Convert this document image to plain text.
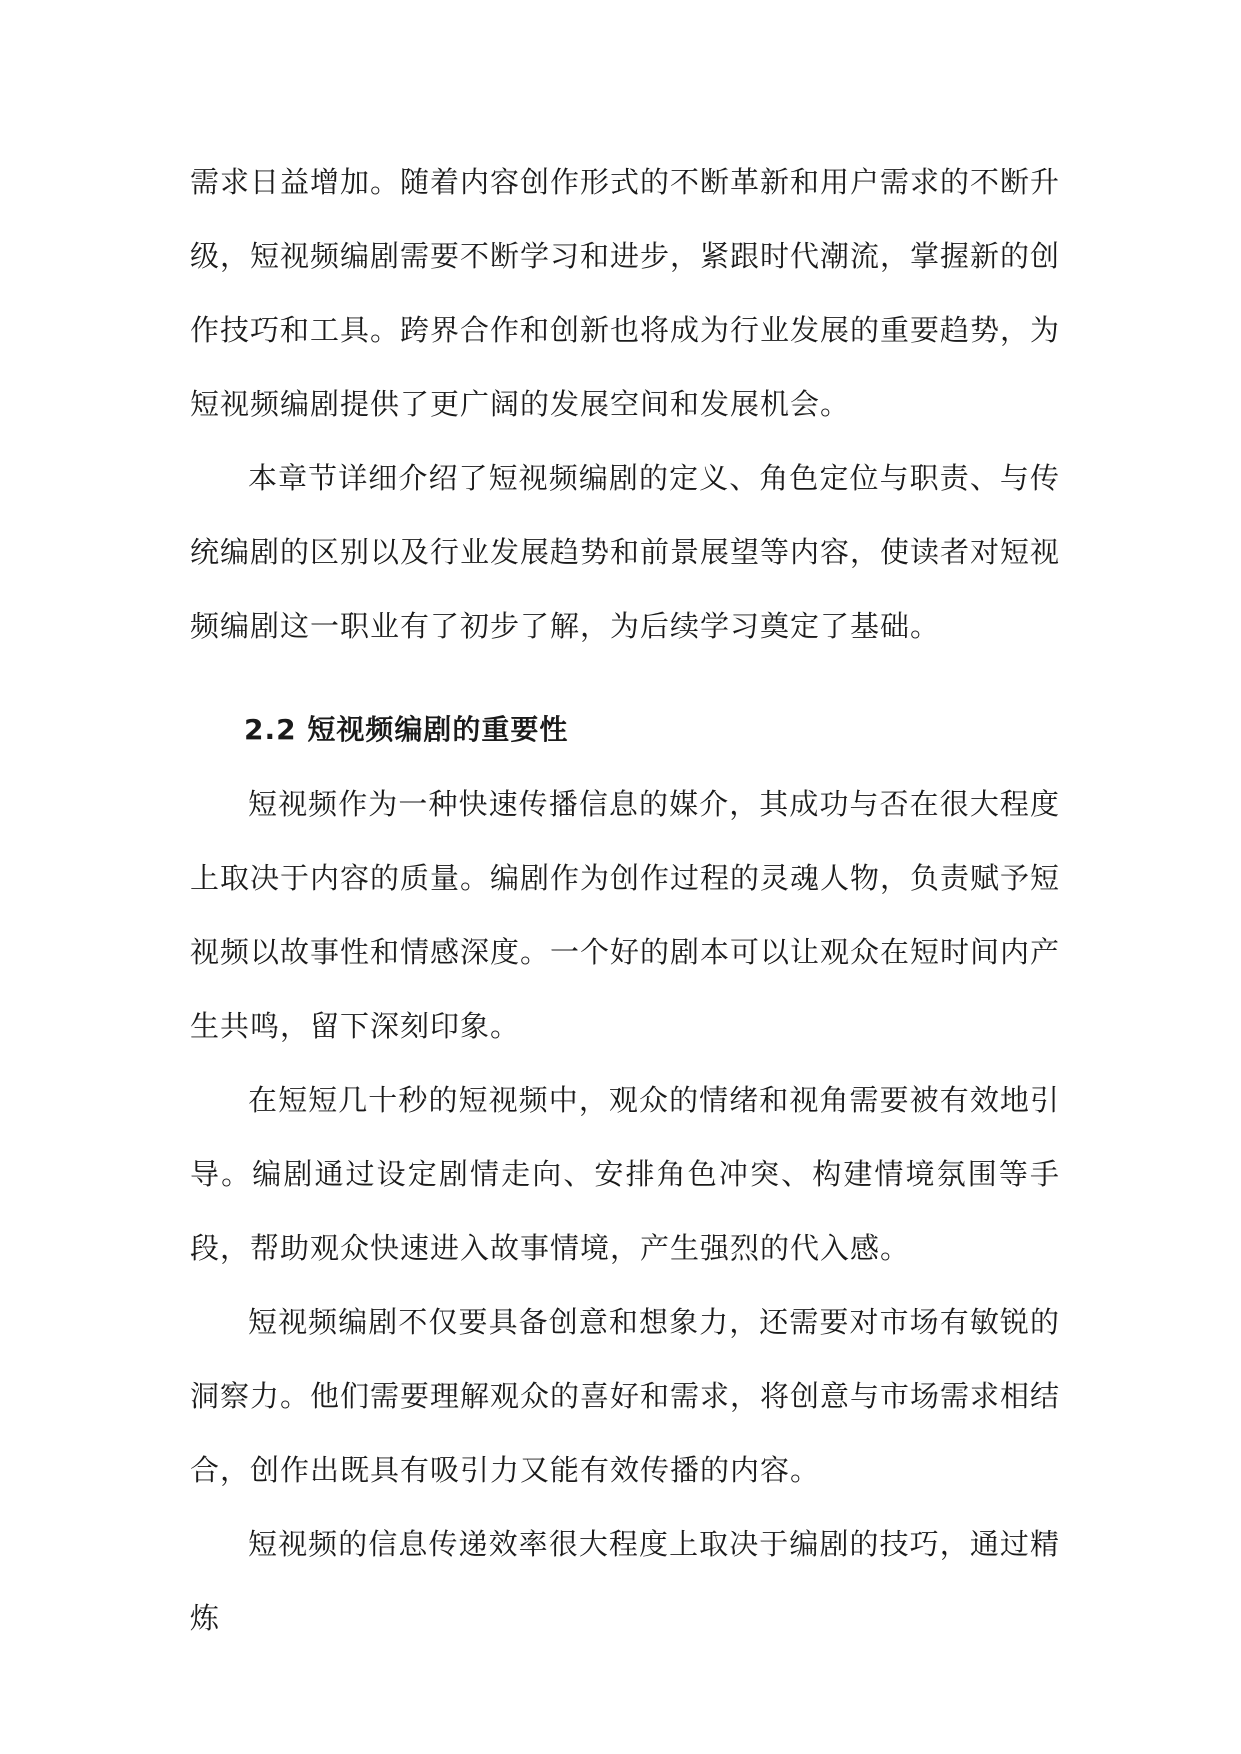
需求日益增加。随着内容创作形式的不断革新和用户需求的不断升级，短视频编剧需要不断学习和进步，紧跟时代潮流，掌握新的创作技巧和工具。跨界合作和创新也将成为行业发展的重要趋势，为短视频编剧提供了更广阔的发展空间和发展机会。

本章节详细介绍了短视频编剧的定义、角色定位与职责、与传统编剧的区别以及行业发展趋势和前景展望等内容，使读者对短视频编剧这一职业有了初步了解，为后续学习奠定了基础。

2.2 短视频编剧的重要性

短视频作为一种快速传播信息的媒介，其成功与否在很大程度上取决于内容的质量。编剧作为创作过程的灵魂人物，负责赋予短视频以故事性和情感深度。一个好的剧本可以让观众在短时间内产生共鸣，留下深刻印象。

在短短几十秒的短视频中，观众的情绪和视角需要被有效地引导。编剧通过设定剧情走向、安排角色冲突、构建情境氛围等手段，帮助观众快速进入故事情境，产生强烈的代入感。

短视频编剧不仅要具备创意和想象力，还需要对市场有敏锐的洞察力。他们需要理解观众的喜好和需求，将创意与市场需求相结合，创作出既具有吸引力又能有效传播的内容。

短视频的信息传递效率很大程度上取决于编剧的技巧，通过精炼
